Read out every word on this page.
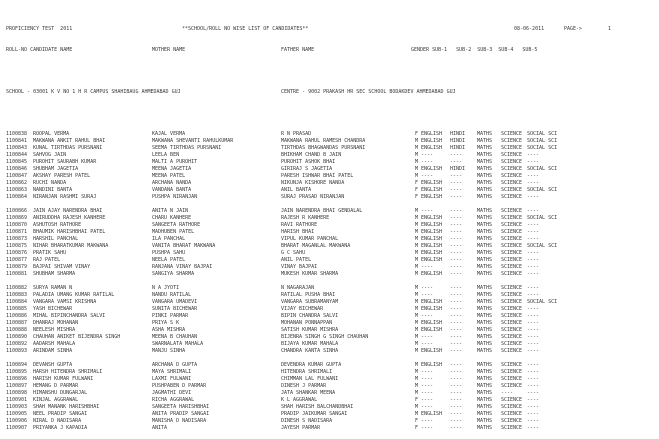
PROFICIENCY TEST  2011

	**SCHOOL/ROLL NO WISE LIST OF CANDIDATES**

	08-06-2011

	PAGE->

	1

ROLL-NO CANDIDATE NAME

	MOTHER NAME

	FATHER NAME

	GENDER SUB-1   SUB-2  SUB-3  SUB-4   SUB-5

SCHOOL - 03001 K V NO 1 H R CAMPUS SHAHIBAUG AHMEDABAD GUJ

	CENTRE - 9002 PRAKASH HR SEC SCHOOL BODAKDEV AHMEDABAD GUJ

1100838 ROOPAL VERMA	KAJAL VERMA	R N PRASAD	F ENGLISH HINDI MATHS SCIENCE SOCIAL SCI
1100841 MAKWANA ANKIT RAHUL BHAI	MAKWANA SHEVANTI RAHULKUMAR	MAKWANA RAHUL RAMESH CHANDRA	M ENGLISH HINDI MATHS SCIENCE SOCIAL SCI
1100843 KUNAL TIRTHDAS PURSNANI	SEEMA TIRTHDAS PURSNANI	TIRTHDAS BHAGWANDAS PURSNANI	M ENGLISH HINDI MATHS SCIENCE SOCIAL SCI
1100844 SAHVOG JAIN	LEELA BEN	BHIKHAM CHAND B JAIN	M ----	----	MATHS SCIENCE ----
1100845 PUROHIT SAURABH KUMAR	MALTI A PUROHIT	PUROHIT ASHOK BHAI	M ----	----	MATHS SCIENCE ----
1100846 SHUBHAM JAGETIA	MEENA JAGETIA	GIRIRAJ S JAGETIA	M ENGLISH HINDI MATHS SCIENCE SOCIAL SCI
1100847 AKSHAY PARESH PATEL	MEENA PATEL	PARESH ISHWAR BHAI PATEL	M ----	----	MATHS SCIENCE ----
1100862 RUCHI NANDA	ARCHANA NANDA	NIKUNJA KISHORE NANDA	F ENGLISH ----	MATHS SCIENCE ----
1100863 NANDINI BANTA	VANDANA BANTA	ANIL BANTA	F ENGLISH ----	MATHS SCIENCE SOCIAL SCI
1100864 NIRANJAN RASHMI SURAJ	PUSHPA NIRANJAN	SURAJ PRASAD NIRANJAN	F ENGLISH ----	MATHS SCIENCE ----
1100866 JAIN AJAY NARENDRA BHAI	ANITA N JAIN	JAIN NARENDRA BHAI GENDALAL	M ----	----	MATHS SCIENCE ----
1100869 ANIRUDDHA RAJESH KANHERE	CHARU KANHERE	RAJESH R KANHERE	M ENGLISH ----	MATHS SCIENCE SOCIAL SCI
1100870 ASHUTOSH RATHORE	SANGEETA RATHORE	RAVI RATHORE	M ENGLISH ----	MATHS SCIENCE ----
1100871 BHAUMIK HARISHBHAI PATEL	MADHUBEN PATEL	HARISH BHAI	M ENGLISH ----	MATHS SCIENCE ----
1100873 HARSHIL PANCHAL	ILA PANCHAL	VIPUL KUMAR PANCHAL	M ENGLISH ----	MATHS SCIENCE ----
1100875 NIHAR BHARATKUMAR MAKWANA	VANITA BHARAT MAKWANA	BHARAT MAGANLAL MAKWANA	M ENGLISH ----	MATHS SCIENCE SOCIAL SCI
1100876 PRATIK SAHU	PUSHPA SAHU	G C SAHU	M ENGLISH ----	MATHS SCIENCE ----
1100877 RAJ PATEL	NEELA PATEL	ANIL PATEL	M ENGLISH ----	MATHS SCIENCE ----
1100879 BAJPAI SHIVAM VINAY	RANJANA VINAY BAJPAI	VINAY BAJPAI	M ----	----	MATHS SCIENCE ----
1100881 SHUBHAM SHARMA	SANGIYA SHARMA	MUKESH KUMAR SHARMA	M ENGLISH ----	MATHS SCIENCE ----
1100882 SURYA RAMAN N	N A JYOTI	N NAGARAJAN	M ----	----	MATHS SCIENCE ----
1100883 PALADIA UMANG KUMAR RATILAL	NANDU RATILAL	RATILAL PUSHA BHAI	M ----	----	MATHS SCIENCE ----
1100884 VANGARA VAMSI KRISHNA	VANGARA UMADEVI	VANGARA SUBRAMANYAM	M ENGLISH ----	MATHS SCIENCE SOCIAL SCI
1100885 YASH BICHEWAR	SUNITA BICHEWAR	VIJAY BICHEWAR	M ENGLISH ----	MATHS SCIENCE ----
1100886 MIHAL BIPINCHANDRA SALVI	PINKI PARMAR	BIPIN CHANDRA SALVI	M ----	----	MATHS SCIENCE ----
1100887 DHANRAJ MOHANAN	PRIYA S K	MOHANAN PONNAPPAN	M ENGLISH ----	MATHS SCIENCE ----
1100888 NEELESH MISHRA	ASHA MISHRA	SATISH KUMAR MISHRA	M ENGLISH ----	MATHS SCIENCE ----
1100890 CHAUHAN ANIKET BIJENDRA SINGH	MEENA B CHAUHAN	BIJENRA SINGH G SINGH CHAUHAN	M ----	----	MATHS SCIENCE ----
1100892 AADARSH MAHALA	SWARNALATA MAHALA	BIJAYA KUMAR MAHALA	M ----	----	MATHS SCIENCE ----
1100893 ARINDAM SINHA	MANJU SINHA	CHANDRA KANTA SINHA	M ENGLISH ----	MATHS SCIENCE ----
1100894 DEVANSH GUPTA	ARCHANA D GUPTA	DEVENDRA KUMAR GUPTA	M ENGLISH ----	MATHS SCIENCE ----
1100895 HARSH HITENDRA SHRIMALI	MAYA SHRIMALI	HITENDRA SHRIMALI	M ----	----	MATHS SCIENCE ----
1100896 HARISH KUMAR FULWANI	LAXMI FULWANI	CHIMMAN LAL FULWANI	M ----	----	MATHS SCIENCE ----
1100897 HEMANG D PARMAR	PUSHPABEN D PARMAR	DINESH J PARMAR	M ----	----	MATHS SCIENCE ----
1100898 HIMANSHU DUNGARJAL	JAGMATHI DEVI	JATA SHANKAR MEENA	M ----	----	MATHS ----	----
1100901 KINJAL AGGRAWAL	RICHA AGGRAWAL	K L AGGRAWAL	F ----	----	MATHS SCIENCE ----
1100903 SHAH MANANK HARISHBHAI	SANGEETA HARISHBHAI	SHAH HARISH BALCHANDBHAI	M ----	----	MATHS SCIENCE ----
1100905 NEEL PRADIP SANGAI	ANITA PRADIP SANGAI	PRADIP JAIKUMAR SANGAI	M ENGLISH ----	MATHS SCIENCE ----
1100906 NIRAL D NADISARA	MANISHA D NADISARA	DINESH S NADISARA	F ----	----	MATHS SCIENCE ----
1100907 PRIYANKA J KAPADIA	ANITA	JAYESH PARMAR	F ----	----	MATHS SCIENCE ----
